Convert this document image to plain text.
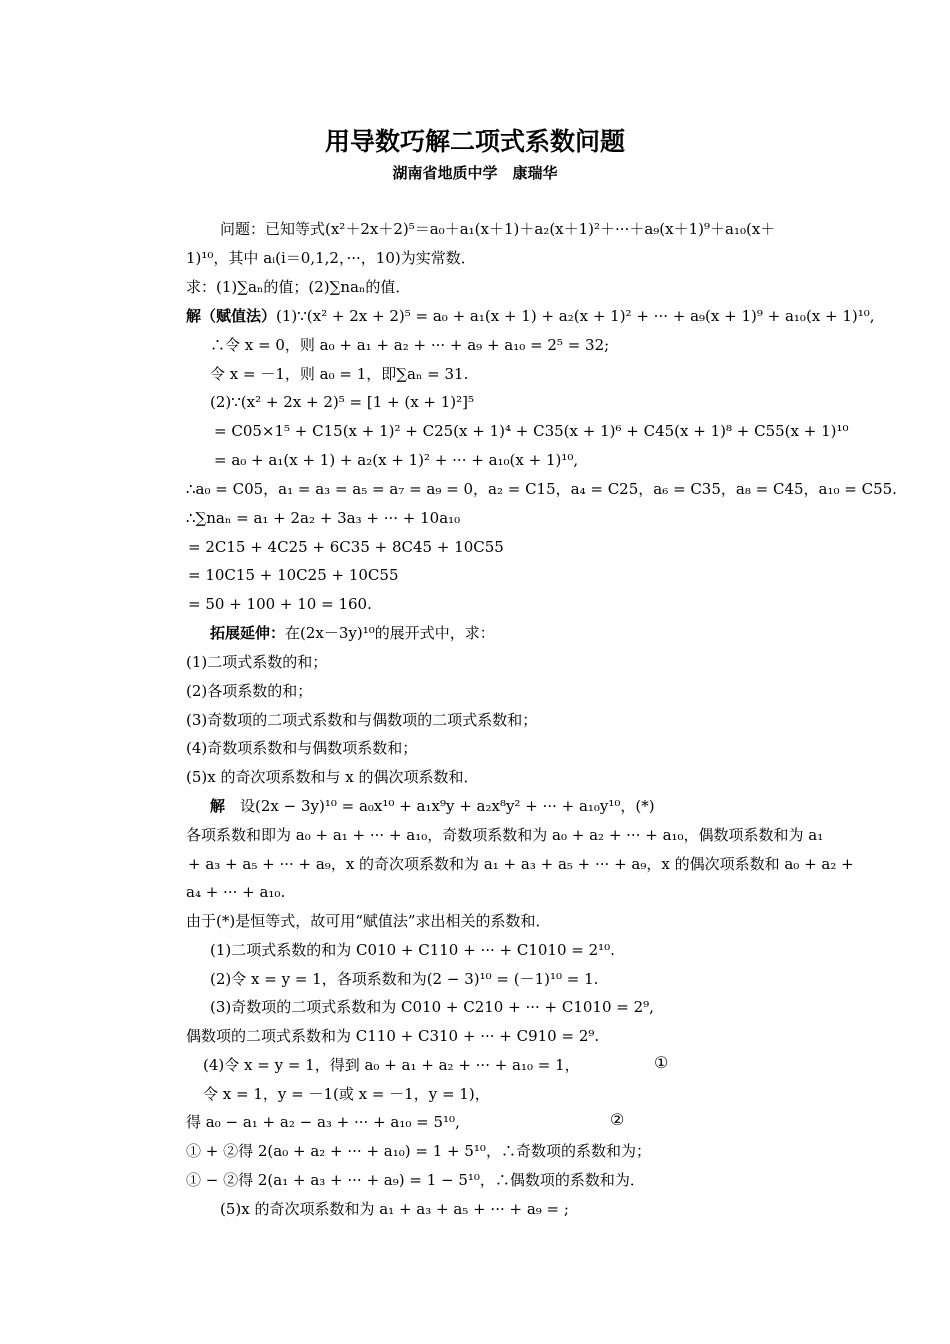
用导数巧解二项式系数问题
湖南省地质中学　康瑞华
问题：已知等式(x²＋2x＋2)⁵＝a₀＋a₁(x＋1)＋a₂(x＋1)²＋···＋a₉(x＋1)⁹＋a₁₀(x＋
1)¹⁰，其中 aᵢ(i＝0,1,2，···，10)为实常数．
求：(1)∑aₙ的值；(2)∑naₙ的值．
解（赋值法）(1)∵(x² + 2x + 2)⁵ = a₀ + a₁(x + 1) + a₂(x + 1)² + ··· + a₉(x + 1)⁹ + a₁₀(x + 1)¹⁰,
∴令 x = 0，则 a₀ + a₁ + a₂ + ··· + a₉ + a₁₀ = 2⁵ = 32;
令 x = －1，则 a₀ = 1，即∑aₙ = 31.
(2)∵(x² + 2x + 2)⁵ = [1 + (x + 1)²]⁵
= C05×1⁵ + C15(x + 1)² + C25(x + 1)⁴ + C35(x + 1)⁶ + C45(x + 1)⁸ + C55(x + 1)¹⁰
= a₀ + a₁(x + 1) + a₂(x + 1)² + ··· + a₁₀(x + 1)¹⁰,
∴a₀ = C05，a₁ = a₃ = a₅ = a₇ = a₉ = 0，a₂ = C15，a₄ = C25，a₆ = C35，a₈ = C45，a₁₀ = C55.
∴∑naₙ = a₁ + 2a₂ + 3a₃ + ··· + 10a₁₀
= 2C15 + 4C25 + 6C35 + 8C45 + 10C55
= 10C15 + 10C25 + 10C55
= 50 + 100 + 10 = 160.
拓展延伸：在(2x－3y)¹⁰的展开式中，求：
(1)二项式系数的和；
(2)各项系数的和；
(3)奇数项的二项式系数和与偶数项的二项式系数和；
(4)奇数项系数和与偶数项系数和；
(5)x 的奇次项系数和与 x 的偶次项系数和．
解　设(2x − 3y)¹⁰ = a₀x¹⁰ + a₁x⁹y + a₂x⁸y² + ··· + a₁₀y¹⁰，(*)
各项系数和即为 a₀ + a₁ + ··· + a₁₀，奇数项系数和为 a₀ + a₂ + ··· + a₁₀，偶数项系数和为 a₁
+ a₃ + a₅ + ··· + a₉，x 的奇次项系数和为 a₁ + a₃ + a₅ + ··· + a₉，x 的偶次项系数和 a₀ + a₂ +
a₄ + ··· + a₁₀.
由于(*)是恒等式，故可用“赋值法”求出相关的系数和．
(1)二项式系数的和为 C010 + C110 + ··· + C1010 = 2¹⁰.
(2)令 x = y = 1，各项系数和为(2 − 3)¹⁰ = (－1)¹⁰ = 1.
(3)奇数项的二项式系数和为 C010 + C210 + ··· + C1010 = 2⁹,
偶数项的二项式系数和为 C110 + C310 + ··· + C910 = 2⁹.
(4)令 x = y = 1，得到 a₀ + a₁ + a₂ + ··· + a₁₀ = 1，
令 x = 1，y = －1(或 x = －1，y = 1)，
得 a₀ − a₁ + a₂ − a₃ + ··· + a₁₀ = 5¹⁰,
① + ②得 2(a₀ + a₂ + ··· + a₁₀) = 1 + 5¹⁰，∴奇数项的系数和为；
① − ②得 2(a₁ + a₃ + ··· + a₉) = 1 − 5¹⁰，∴偶数项的系数和为．
(5)x 的奇次项系数和为 a₁ + a₃ + a₅ + ··· + a₉ = ;
①
②
